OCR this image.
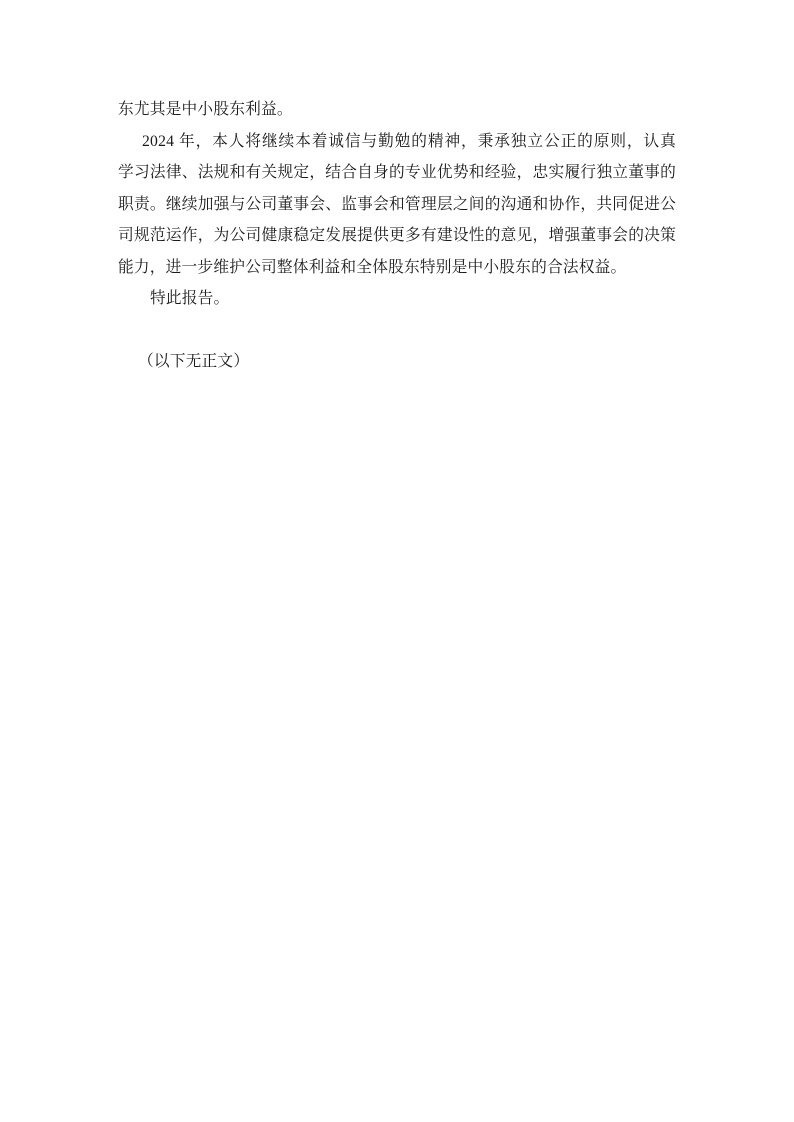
东尤其是中小股东利益。
2024 年，本人将继续本着诚信与勤勉的精神，秉承独立公正的原则，认真
学习法律、法规和有关规定，结合自身的专业优势和经验，忠实履行独立董事的
职责。继续加强与公司董事会、监事会和管理层之间的沟通和协作，共同促进公
司规范运作，为公司健康稳定发展提供更多有建设性的意见，增强董事会的决策
能力，进一步维护公司整体利益和全体股东特别是中小股东的合法权益。
特此报告。
（以下无正文）
